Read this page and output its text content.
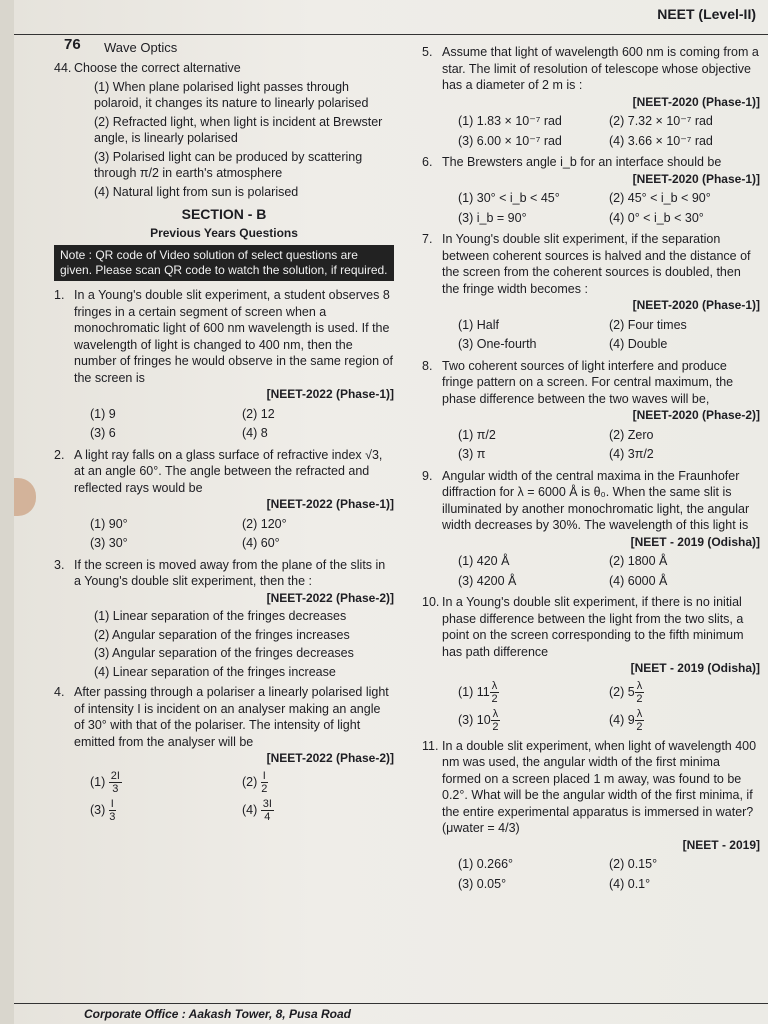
NEET (Level-II)
76 Wave Optics
44. Choose the correct alternative
(1) When plane polarised light passes through polaroid, it changes its nature to linearly polarised
(2) Refracted light, when light is incident at Brewster angle, is linearly polarised
(3) Polarised light can be produced by scattering through π/2 in earth's atmosphere
(4) Natural light from sun is polarised
SECTION - B
Previous Years Questions
Note : QR code of Video solution of select questions are given. Please scan QR code to watch the solution, if required.
1. In a Young's double slit experiment, a student observes 8 fringes in a certain segment of screen when a monochromatic light of 600 nm wavelength is used. If the wavelength of light is changed to 400 nm, then the number of fringes he would observe in the same region of the screen is
[NEET-2022 (Phase-1)]
(1) 9	(2) 12
(3) 6	(4) 8
2. A light ray falls on a glass surface of refractive index √3, at an angle 60°. The angle between the refracted and reflected rays would be
[NEET-2022 (Phase-1)]
(1) 90°	(2) 120°
(3) 30°	(4) 60°
3. If the screen is moved away from the plane of the slits in a Young's double slit experiment, then the :
[NEET-2022 (Phase-2)]
(1) Linear separation of the fringes decreases
(2) Angular separation of the fringes increases
(3) Angular separation of the fringes decreases
(4) Linear separation of the fringes increase
4. After passing through a polariser a linearly polarised light of intensity I is incident on an analyser making an angle of 30° with that of the polariser. The intensity of light emitted from the analyser will be
[NEET-2022 (Phase-2)]
$(1) \frac{2I}{3}$	$(2) \frac{I}{2}$
$(3) \frac{I}{3}$	$(4) \frac{3I}{4}$
5. Assume that light of wavelength 600 nm is coming from a star. The limit of resolution of telescope whose objective has a diameter of 2 m is :
[NEET-2020 (Phase-1)]
(1) 1.83 × 10⁻⁷ rad	(2) 7.32 × 10⁻⁷ rad
(3) 6.00 × 10⁻⁷ rad	(4) 3.66 × 10⁻⁷ rad
6. The Brewsters angle i_b for an interface should be
[NEET-2020 (Phase-1)]
(1) 30° < i_b < 45°	(2) 45° < i_b < 90°
(3) i_b = 90°	(4) 0° < i_b < 30°
7. In Young's double slit experiment, if the separation between coherent sources is halved and the distance of the screen from the coherent sources is doubled, then the fringe width becomes :
[NEET-2020 (Phase-1)]
(1) Half	(2) Four times
(3) One-fourth	(4) Double
8. Two coherent sources of light interfere and produce fringe pattern on a screen. For central maximum, the phase difference between the two waves will be,
[NEET-2020 (Phase-2)]
(1) π/2	(2) Zero
(3) π	(4) 3π/2
9. Angular width of the central maxima in the Fraunhofer diffraction for λ = 6000 Å is θ₀. When the same slit is illuminated by another monochromatic light, the angular width decreases by 30%. The wavelength of this light is
[NEET - 2019 (Odisha)]
(1) 420 Å	(2) 1800 Å
(3) 4200 Å	(4) 6000 Å
10. In a Young's double slit experiment, if there is no initial phase difference between the light from the two slits, a point on the screen corresponding to the fifth minimum has path difference
[NEET - 2019 (Odisha)]
(1) $11 \frac{\lambda}{2}$	(2) $5 \frac{\lambda}{2}$
(3) $10 \frac{\lambda}{2}$	(4) $9 \frac{\lambda}{2}$
11. In a double slit experiment, when light of wavelength 400 nm was used, the angular width of the first minima formed on a screen placed 1 m away, was found to be 0.2°. What will be the angular width of the first minima, if the entire experimental apparatus is immersed in water? (μwater = 4/3)
[NEET - 2019]
(1) 0.266°	(2) 0.15°
(3) 0.05°	(4) 0.1°
Corporate Office : Aakash Tower, 8, Pusa Road
